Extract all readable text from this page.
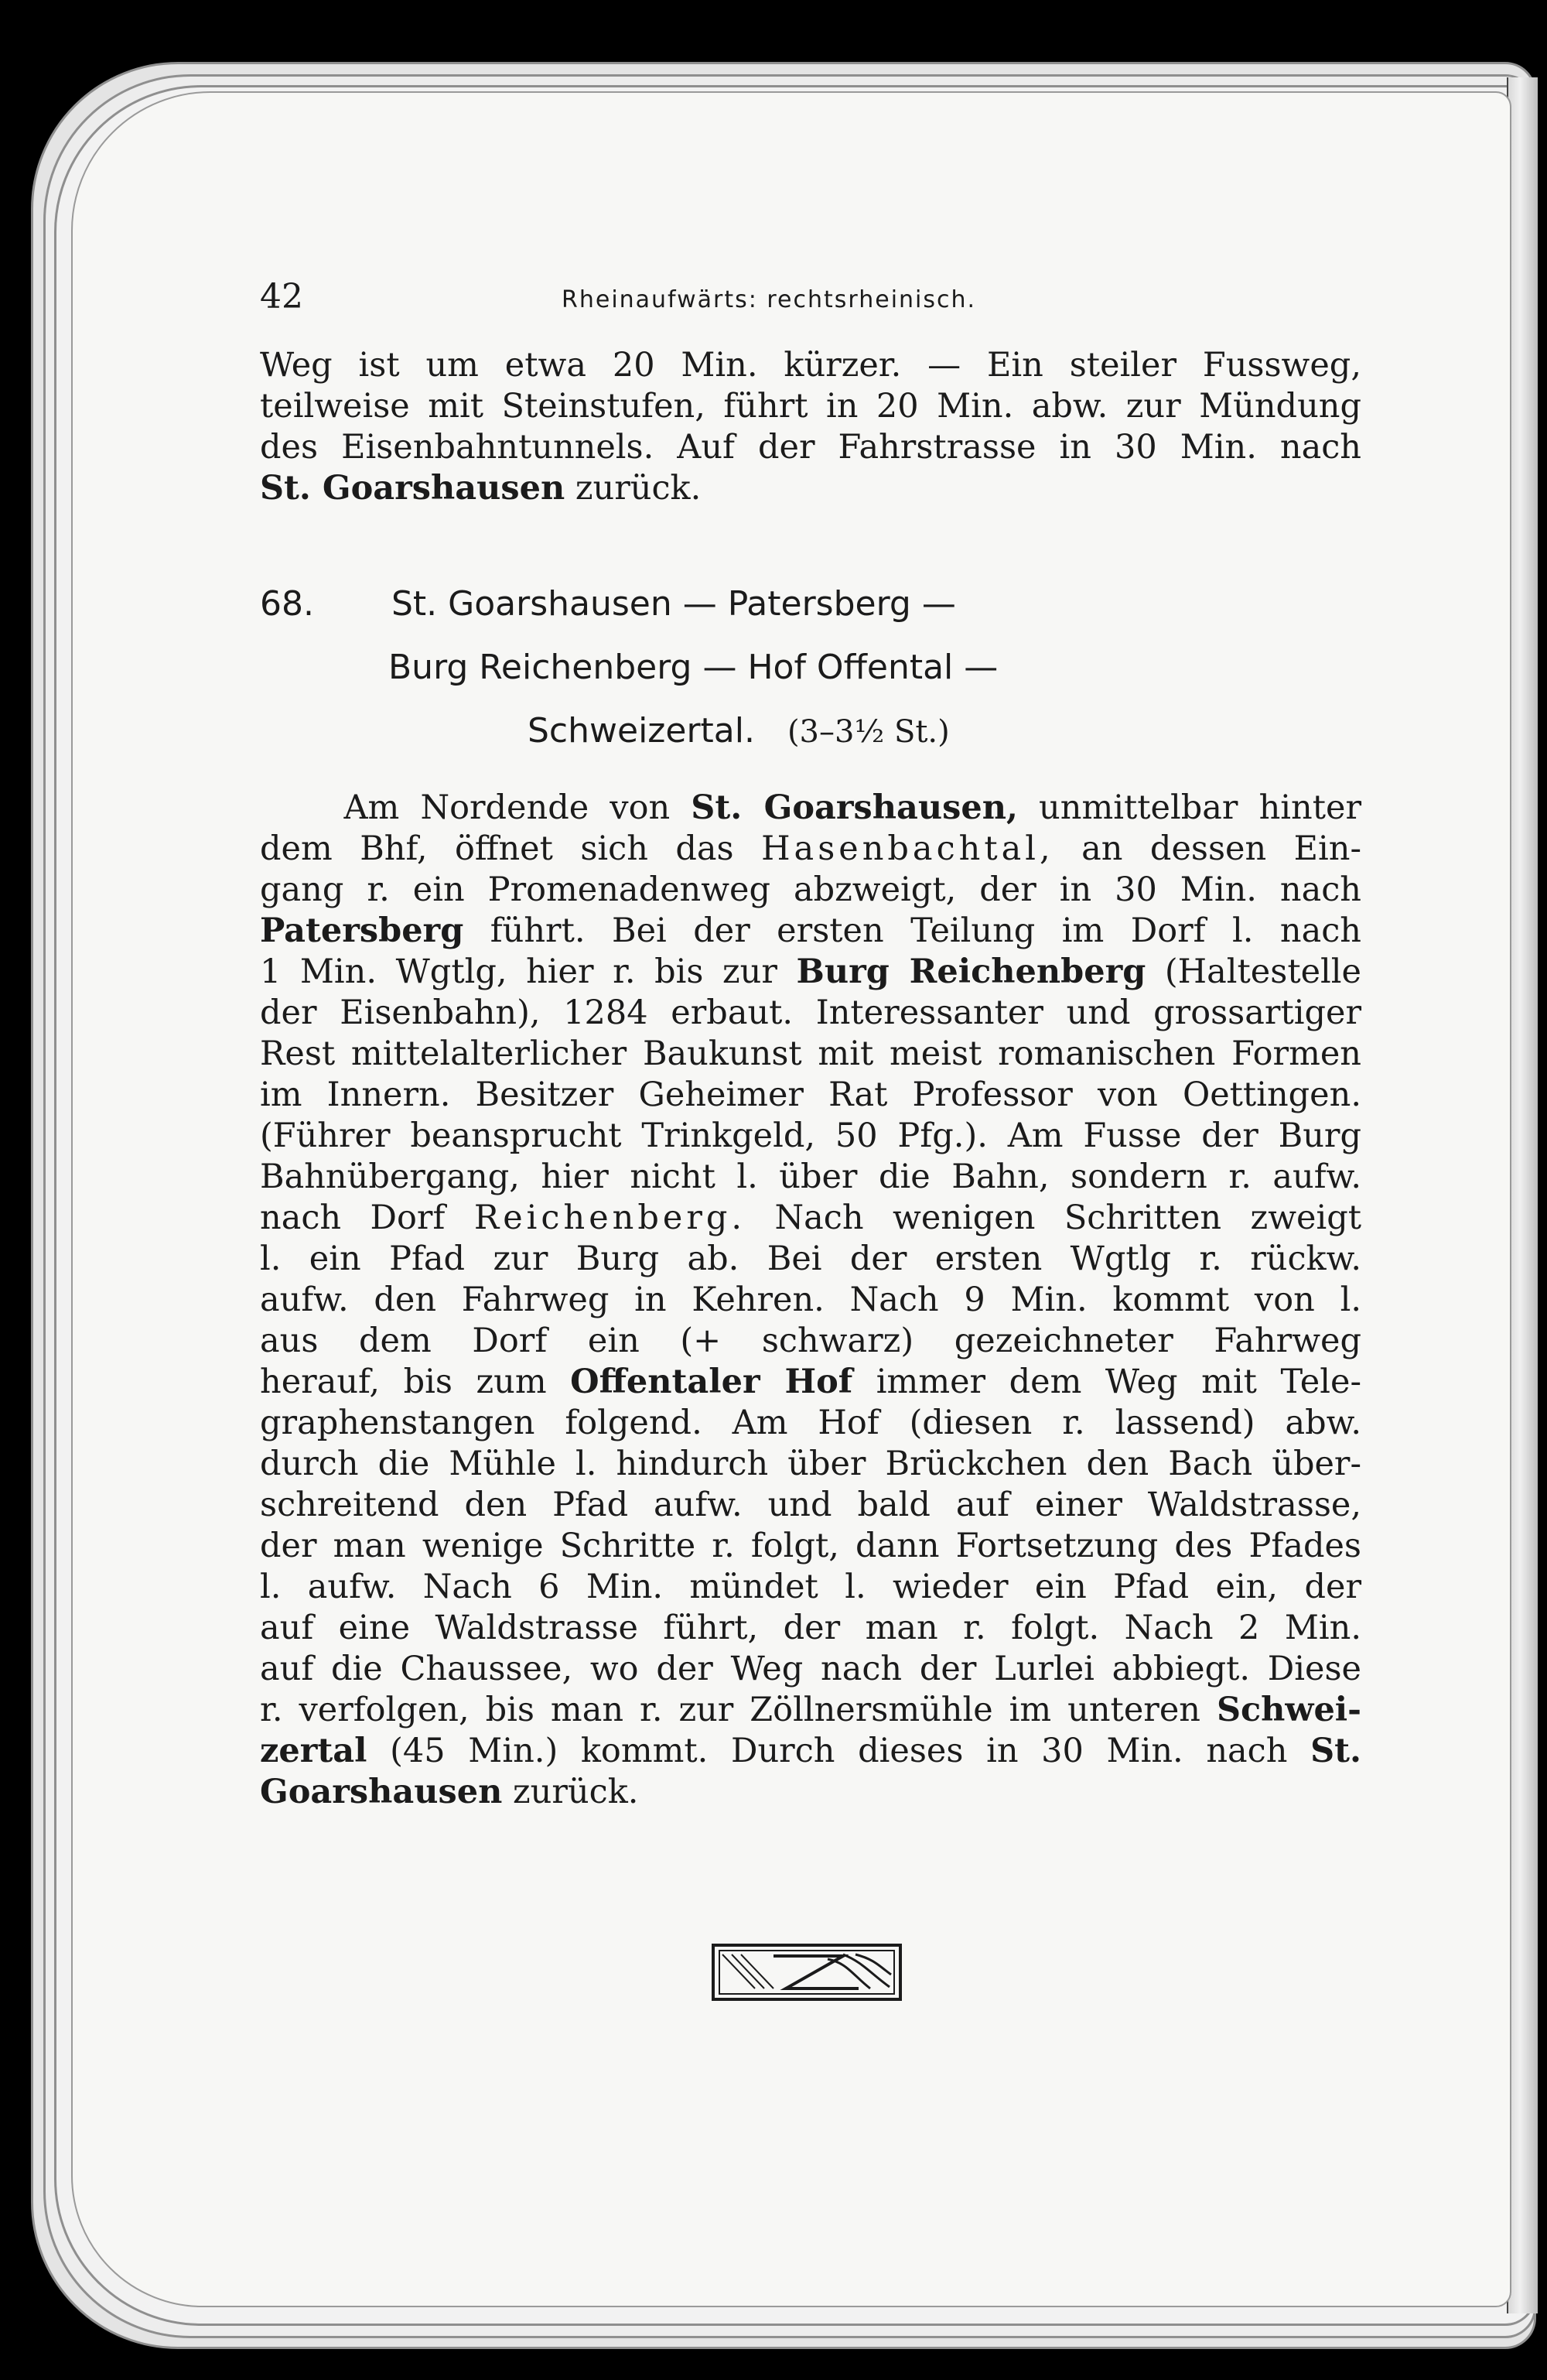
42	Rheinaufwärts: rechtsrheinisch.
Weg ist um etwa 20 Min. kürzer. — Ein steiler Fussweg,
teilweise mit Steinstufen, führt in 20 Min. abw. zur Mündung
des Eisenbahntunnels. Auf der Fahrstrasse in 30 Min. nach
St. Goarshausen zurück.
68. St. Goarshausen — Patersberg —
Burg Reichenberg — Hof Offental —
Schweizertal. (3–3½ St.)
Am Nordende von St. Goarshausen, unmittelbar hinter
dem Bhf, öffnet sich das Hasenbachtal, an dessen Ein-
gang r. ein Promenadenweg abzweigt, der in 30 Min. nach
Patersberg führt. Bei der ersten Teilung im Dorf l. nach
1 Min. Wgtlg, hier r. bis zur Burg Reichenberg (Haltestelle
der Eisenbahn), 1284 erbaut. Interessanter und grossartiger
Rest mittelalterlicher Baukunst mit meist romanischen Formen
im Innern. Besitzer Geheimer Rat Professor von Oettingen.
(Führer beansprucht Trinkgeld, 50 Pfg.). Am Fusse der Burg
Bahnübergang, hier nicht l. über die Bahn, sondern r. aufw.
nach Dorf Reichenberg. Nach wenigen Schritten zweigt
l. ein Pfad zur Burg ab. Bei der ersten Wgtlg r. rückw.
aufw. den Fahrweg in Kehren. Nach 9 Min. kommt von l.
aus dem Dorf ein (+ schwarz) gezeichneter Fahrweg
herauf, bis zum Offentaler Hof immer dem Weg mit Tele-
graphenstangen folgend. Am Hof (diesen r. lassend) abw.
durch die Mühle l. hindurch über Brückchen den Bach über-
schreitend den Pfad aufw. und bald auf einer Waldstrasse,
der man wenige Schritte r. folgt, dann Fortsetzung des Pfades
l. aufw. Nach 6 Min. mündet l. wieder ein Pfad ein, der
auf eine Waldstrasse führt, der man r. folgt. Nach 2 Min.
auf die Chaussee, wo der Weg nach der Lurlei abbiegt. Diese
r. verfolgen, bis man r. zur Zöllnersmühle im unteren Schwei-
zertal (45 Min.) kommt. Durch dieses in 30 Min. nach St.
Goarshausen zurück.
